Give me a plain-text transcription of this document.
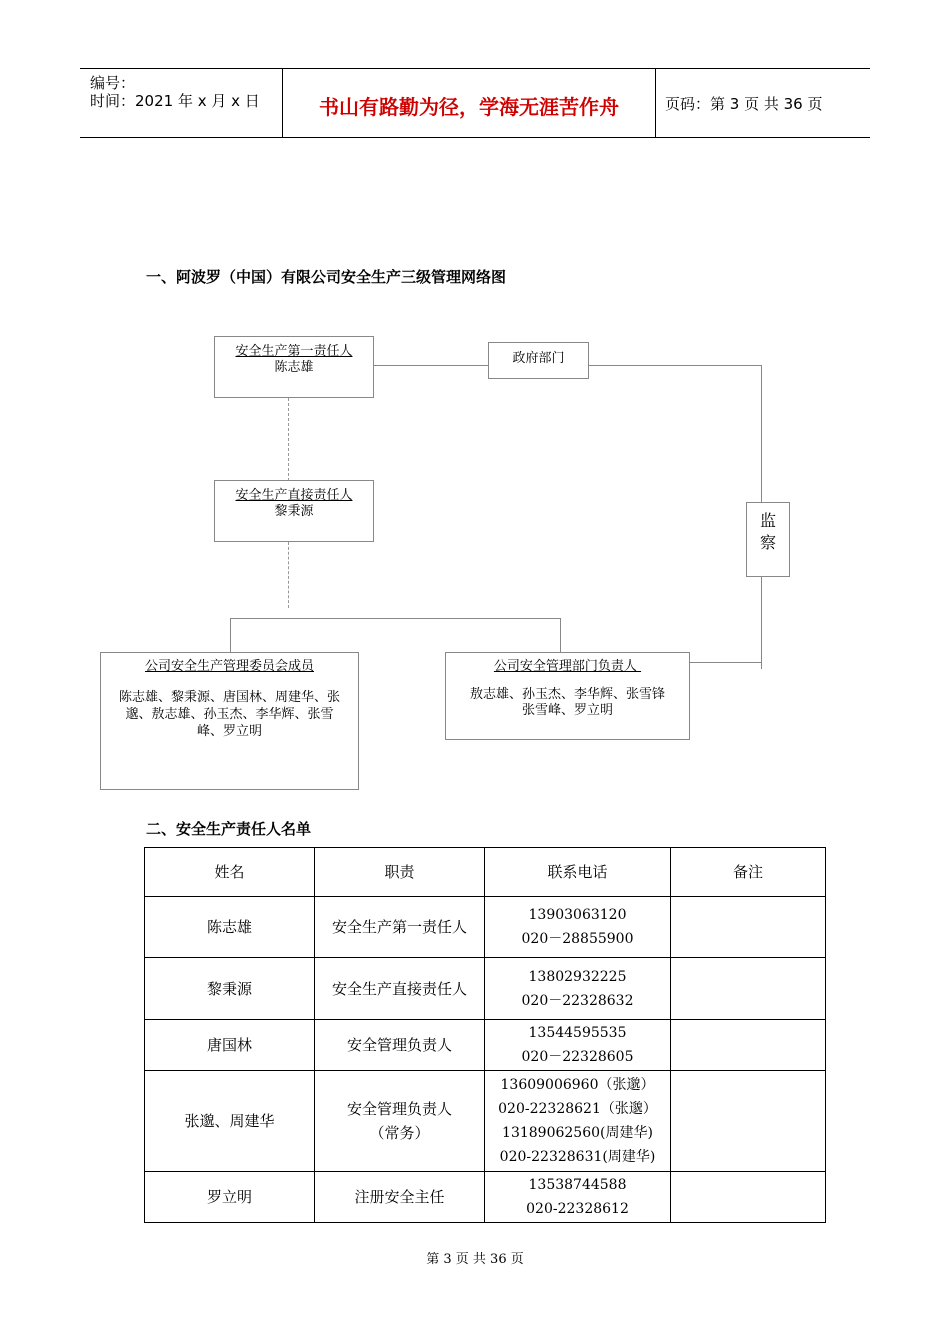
编号：
时间：2021 年 x 月 x 日	书山有路勤为径，学海无涯苦作舟	页码：第 3 页 共 36 页
一、阿波罗（中国）有限公司安全生产三级管理网络图
安全生产第一责任人
陈志雄
政府部门
监
察
安全生产直接责任人
黎秉源
公司安全生产管理委员会成员
陈志雄、黎秉源、唐国林、周建华、张邈、敖志雄、孙玉杰、李华辉、张雪峰、罗立明
公司安全管理部门负责人
敖志雄、孙玉杰、李华辉、张雪锋
张雪峰、罗立明
二、安全生产责任人名单
姓名	职责	联系电话	备注
陈志雄	安全生产第一责任人	13903063120
020－28855900	

黎秉源	安全生产直接责任人	13802932225
020－22328632	

唐国林	安全管理负责人	13544595535
020－22328605	

张邈、周建华	安全管理负责人（常务）	13609006960（张邈）
020-22328621（张邈）
13189062560(周建华)
020-22328631(周建华)	

罗立明	注册安全主任	13538744588
020-22328612	

第 3 页 共 36 页
